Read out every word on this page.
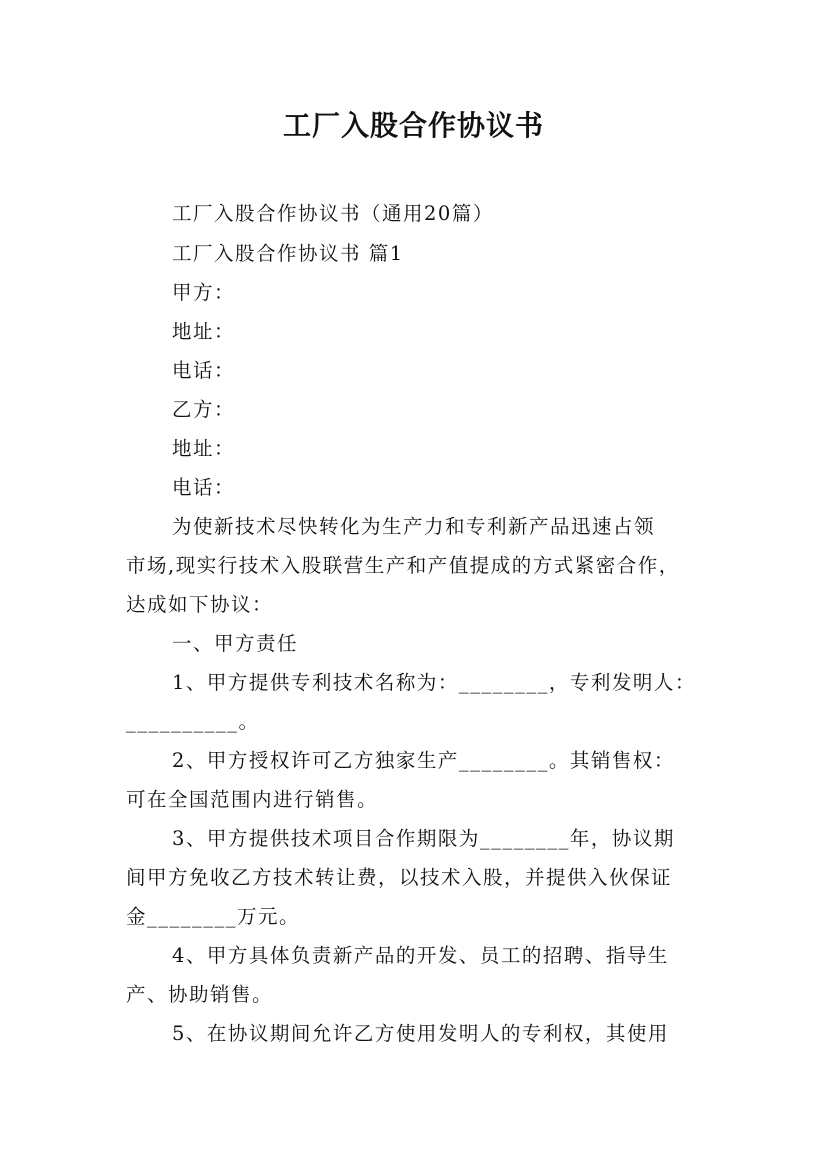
工厂入股合作协议书
工厂入股合作协议书（通用20篇）
工厂入股合作协议书 篇1
甲方：
地址：
电话：
乙方：
地址：
电话：
为使新技术尽快转化为生产力和专利新产品迅速占领
市场,现实行技术入股联营生产和产值提成的方式紧密合作，
达成如下协议：
一、甲方责任
1、甲方提供专利技术名称为：________，专利发明人：
__________。
2、甲方授权许可乙方独家生产________。其销售权：
可在全国范围内进行销售。
3、甲方提供技术项目合作期限为________年，协议期
间甲方免收乙方技术转让费，以技术入股，并提供入伙保证
金________万元。
4、甲方具体负责新产品的开发、员工的招聘、指导生
产、协助销售。
5、在协议期间允许乙方使用发明人的专利权，其使用
